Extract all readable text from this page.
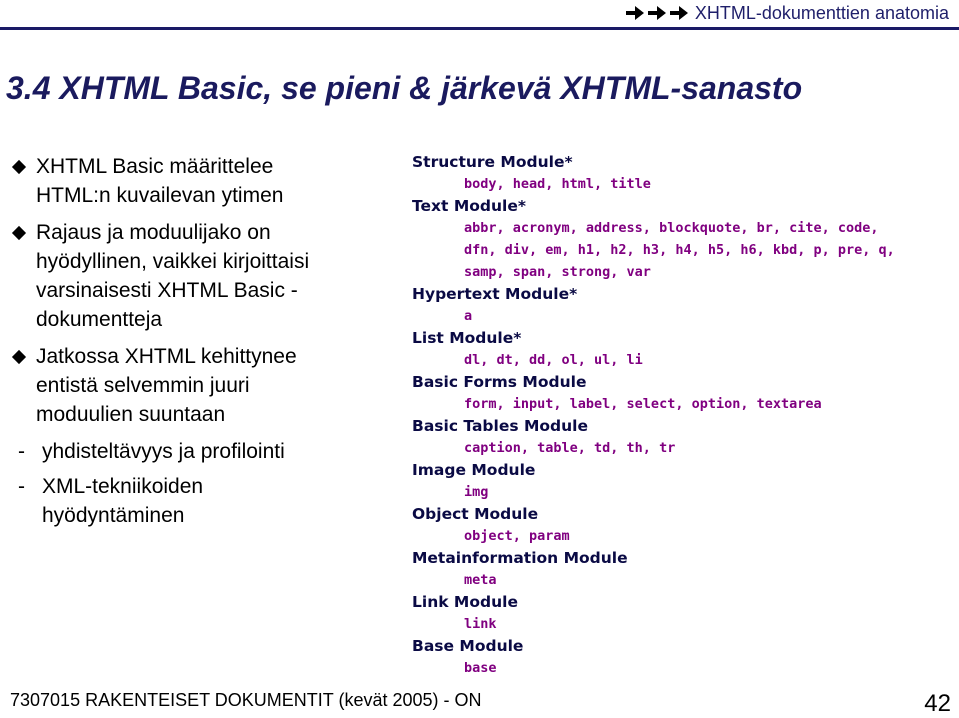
XHTML-dokumenttien anatomia
3.4 XHTML Basic, se pieni & järkevä XHTML-sanasto
XHTML Basic määrittelee
HTML:n kuvailevan ytimen
Rajaus ja moduulijako on
hyödyllinen, vaikkei kirjoittaisi
varsinaisesti XHTML Basic -
dokumentteja
Jatkossa XHTML kehittynee
entistä selvemmin juuri
moduulien suuntaan
- yhdisteltävyys ja profilointi
- XML-tekniikoiden
hyödyntäminen
Structure Module*
body, head, html, title
Text Module*
abbr, acronym, address, blockquote, br, cite, code,
dfn, div, em, h1, h2, h3, h4, h5, h6, kbd, p, pre, q,
samp, span, strong, var
Hypertext Module*
a
List Module*
dl, dt, dd, ol, ul, li
Basic Forms Module
form, input, label, select, option, textarea
Basic Tables Module
caption, table, td, th, tr
Image Module
img
Object Module
object, param
Metainformation Module
meta
Link Module
link
Base Module
base
7307015 RAKENTEISET DOKUMENTIT (kevät 2005) - ON	42
